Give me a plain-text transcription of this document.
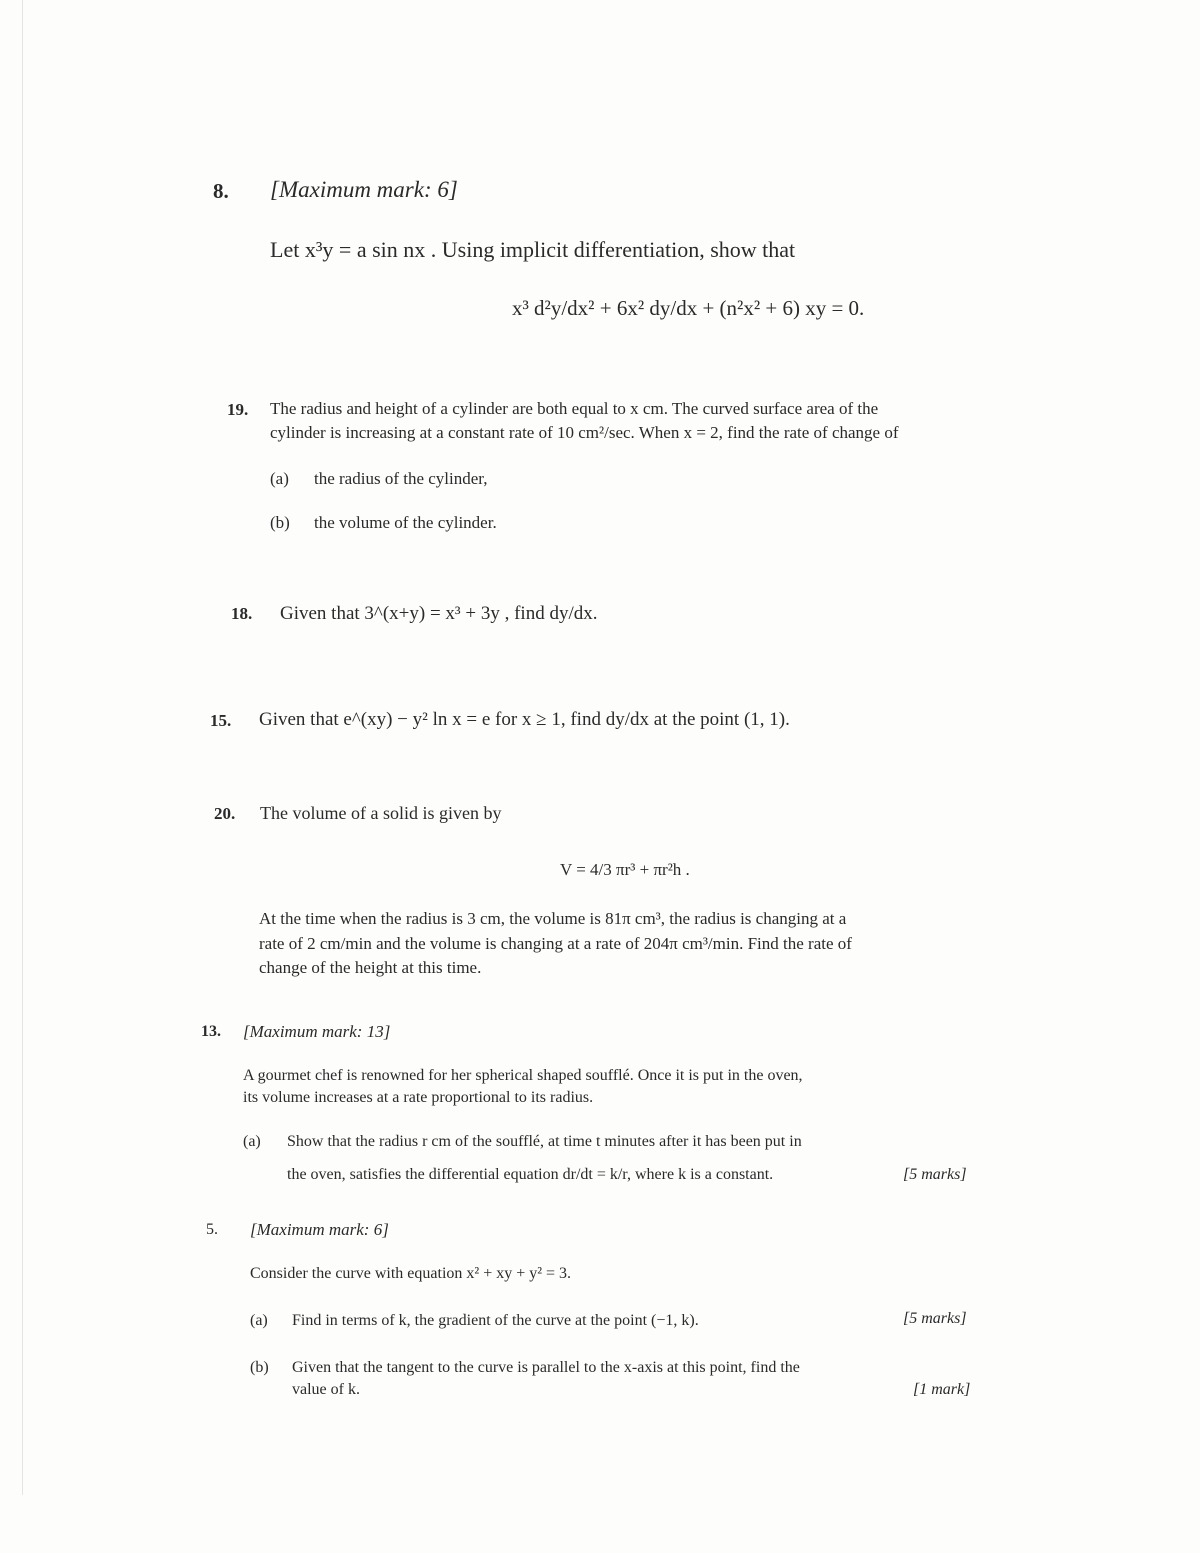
8. [Maximum mark: 6]
Let x³y = a sin nx . Using implicit differentiation, show that
x³ d²y/dx² + 6x² dy/dx + (n²x² + 6) xy = 0.
19. The radius and height of a cylinder are both equal to x cm. The curved surface area of the
cylinder is increasing at a constant rate of 10 cm²/sec. When x = 2, find the rate of change of
(a) the radius of the cylinder,
(b) the volume of the cylinder.
18. Given that 3^(x+y) = x³ + 3y , find dy/dx.
15. Given that e^(xy) − y² ln x = e for x ≥ 1, find dy/dx at the point (1, 1).
20. The volume of a solid is given by
V = 4/3 πr³ + πr²h .
At the time when the radius is 3 cm, the volume is 81π cm³, the radius is changing at a
rate of 2 cm/min and the volume is changing at a rate of 204π cm³/min. Find the rate of
change of the height at this time.
13. [Maximum mark: 13]
A gourmet chef is renowned for her spherical shaped soufflé. Once it is put in the oven,
its volume increases at a rate proportional to its radius.
(a) Show that the radius r cm of the soufflé, at time t minutes after it has been put in
the oven, satisfies the differential equation dr/dt = k/r, where k is a constant.	[5 marks]
5. [Maximum mark: 6]
Consider the curve with equation x² + xy + y² = 3.
(a) Find in terms of k, the gradient of the curve at the point (−1, k).	[5 marks]
(b) Given that the tangent to the curve is parallel to the x-axis at this point, find the
value of k.	[1 mark]
